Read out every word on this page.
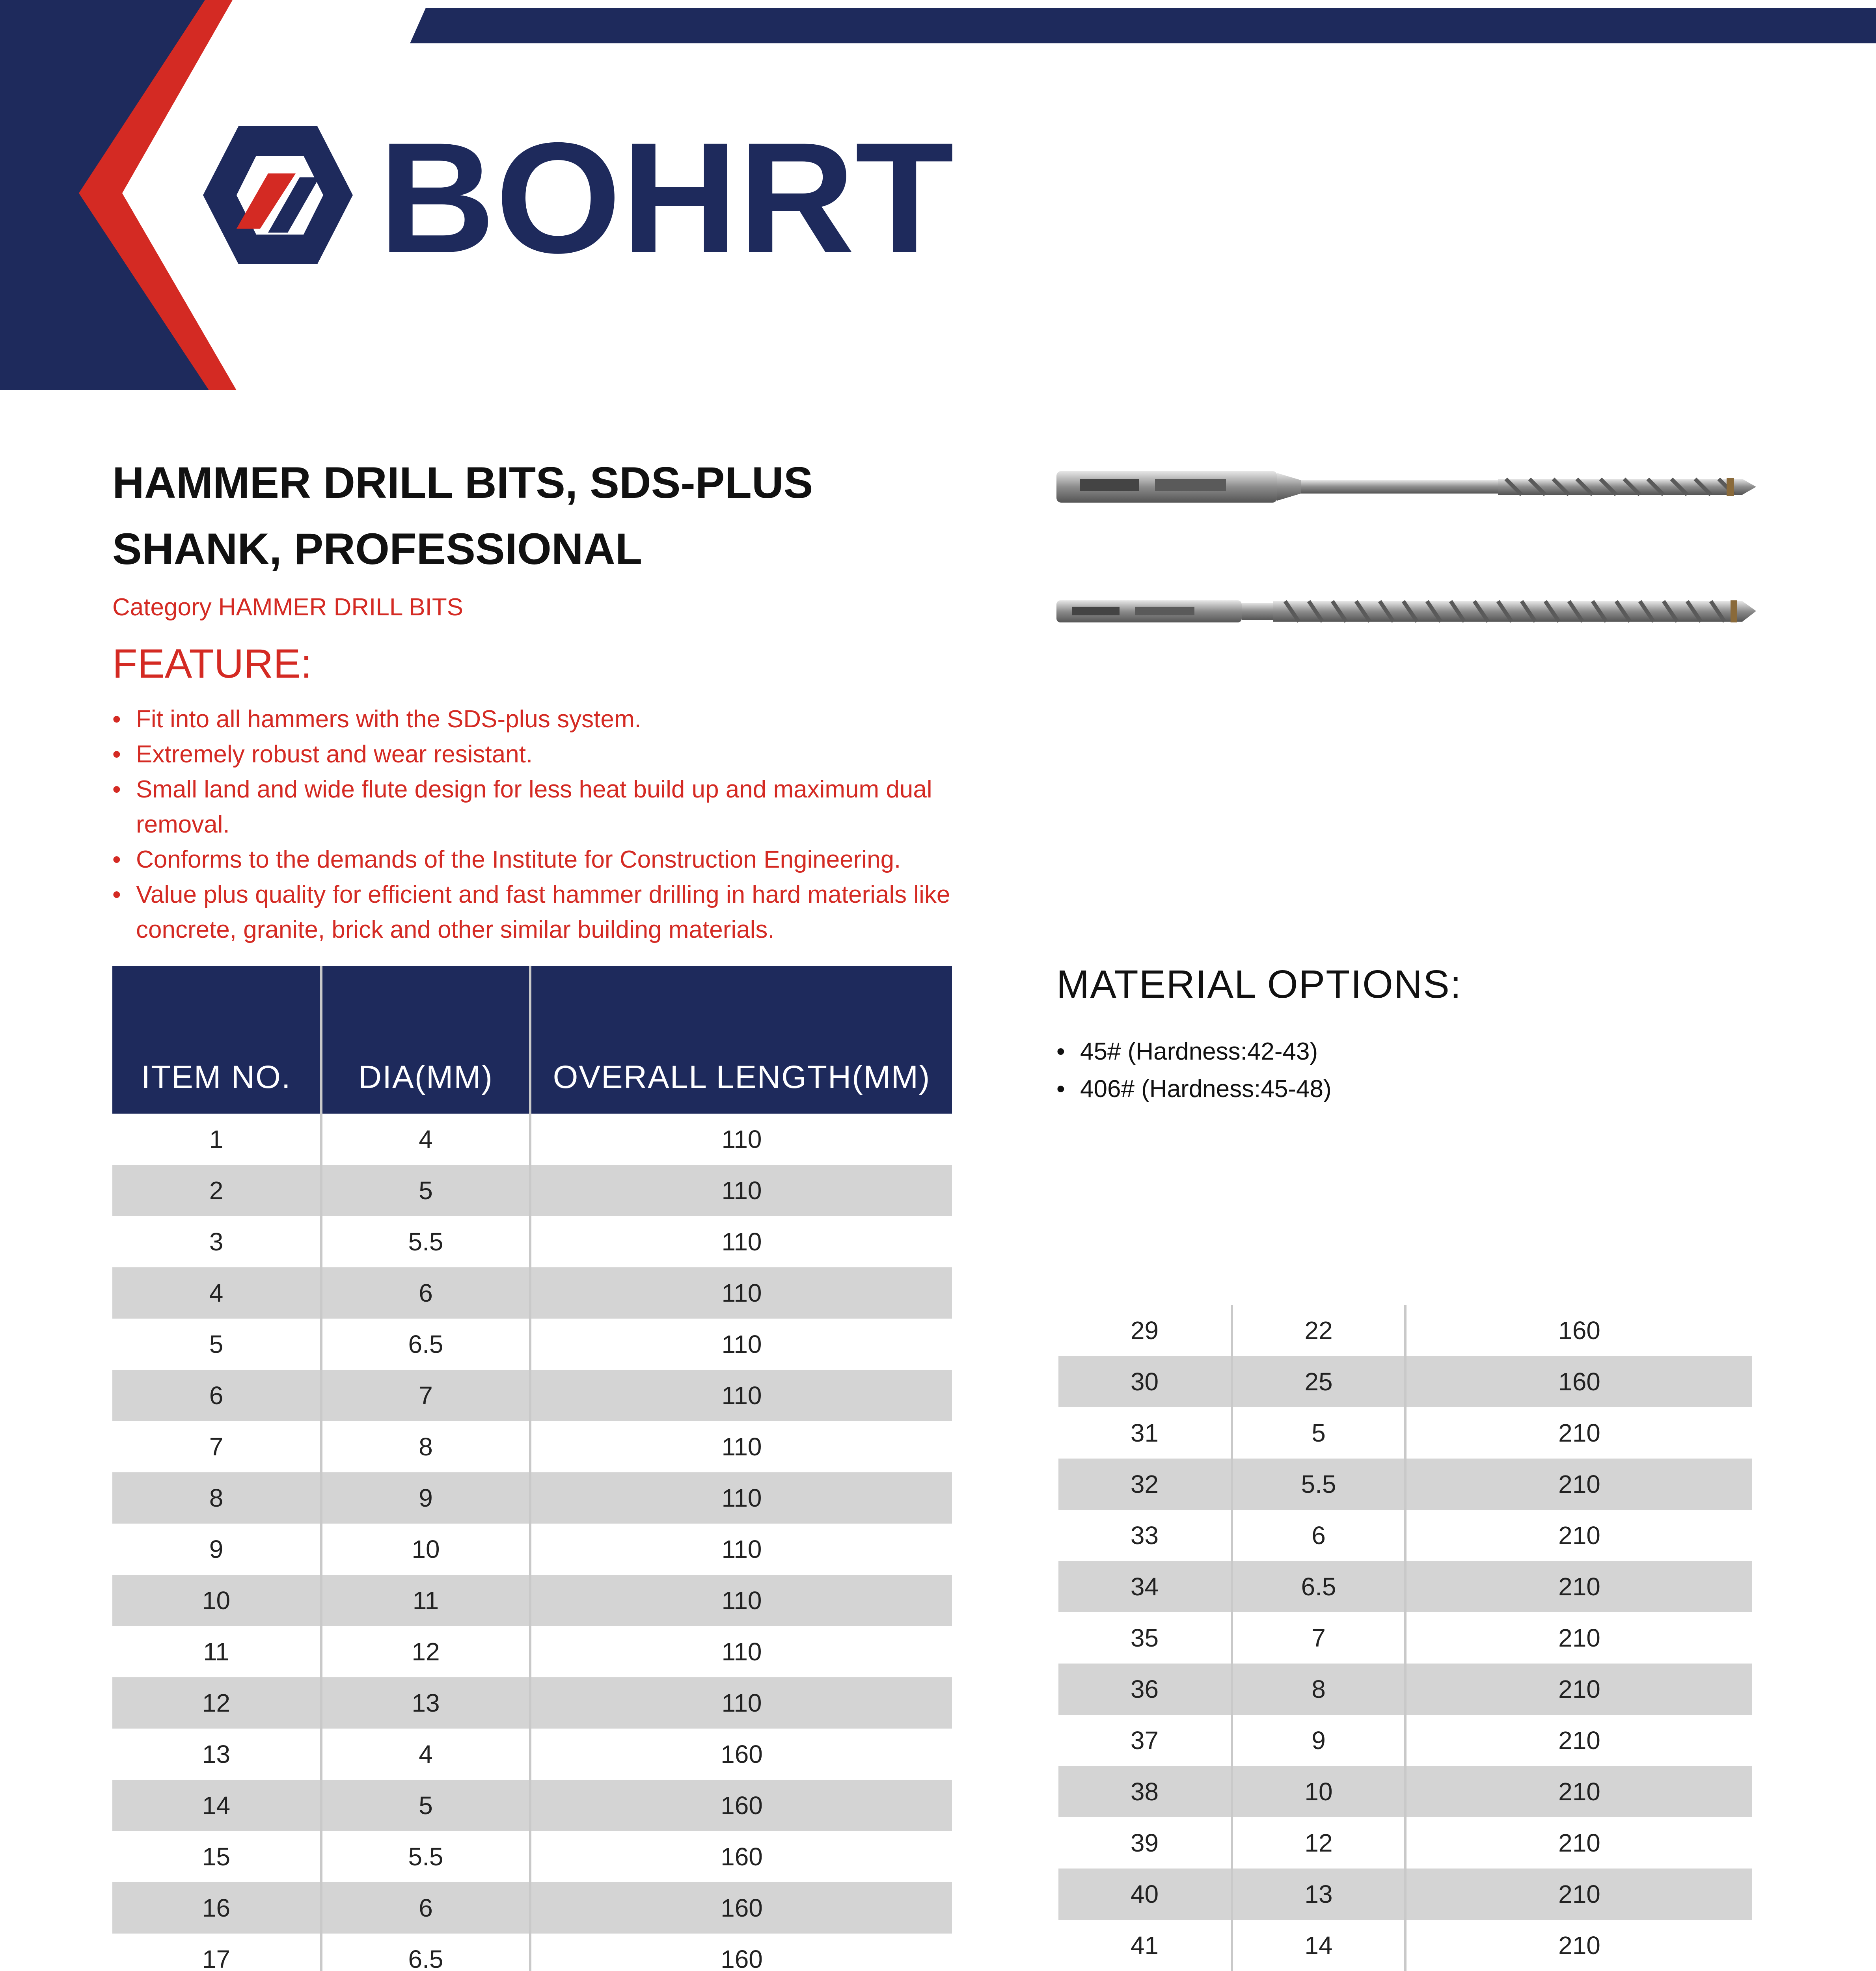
BOHRT
HAMMER DRILL BITS, SDS-PLUS
SHANK, PROFESSIONAL
Category HAMMER DRILL BITS
FEATURE:
• Fit into all hammers with the SDS-plus system.
• Extremely robust and wear resistant.
• Small land and wide flute design for less heat build up and maximum dual removal.
• Conforms to the demands of the Institute for Construction Engineering.
• Value plus quality for efficient and fast hammer drilling in hard materials like concrete, granite, brick and other similar building materials.
MATERIAL OPTIONS:
• 45# (Hardness:42-43)
• 406# (Hardness:45-48)
ITEM NO.	DIA(MM)	OVERALL LENGTH(MM)
1	4	110
2	5	110
3	5.5	110
4	6	110
5	6.5	110
6	7	110
7	8	110
8	9	110
9	10	110
10	11	110
11	12	110
12	13	110
13	4	160
14	5	160
15	5.5	160
16	6	160
17	6.5	160

29	22	160
30	25	160
31	5	210
32	5.5	210
33	6	210
34	6.5	210
35	7	210
36	8	210
37	9	210
38	10	210
39	12	210
40	13	210
41	14	210
